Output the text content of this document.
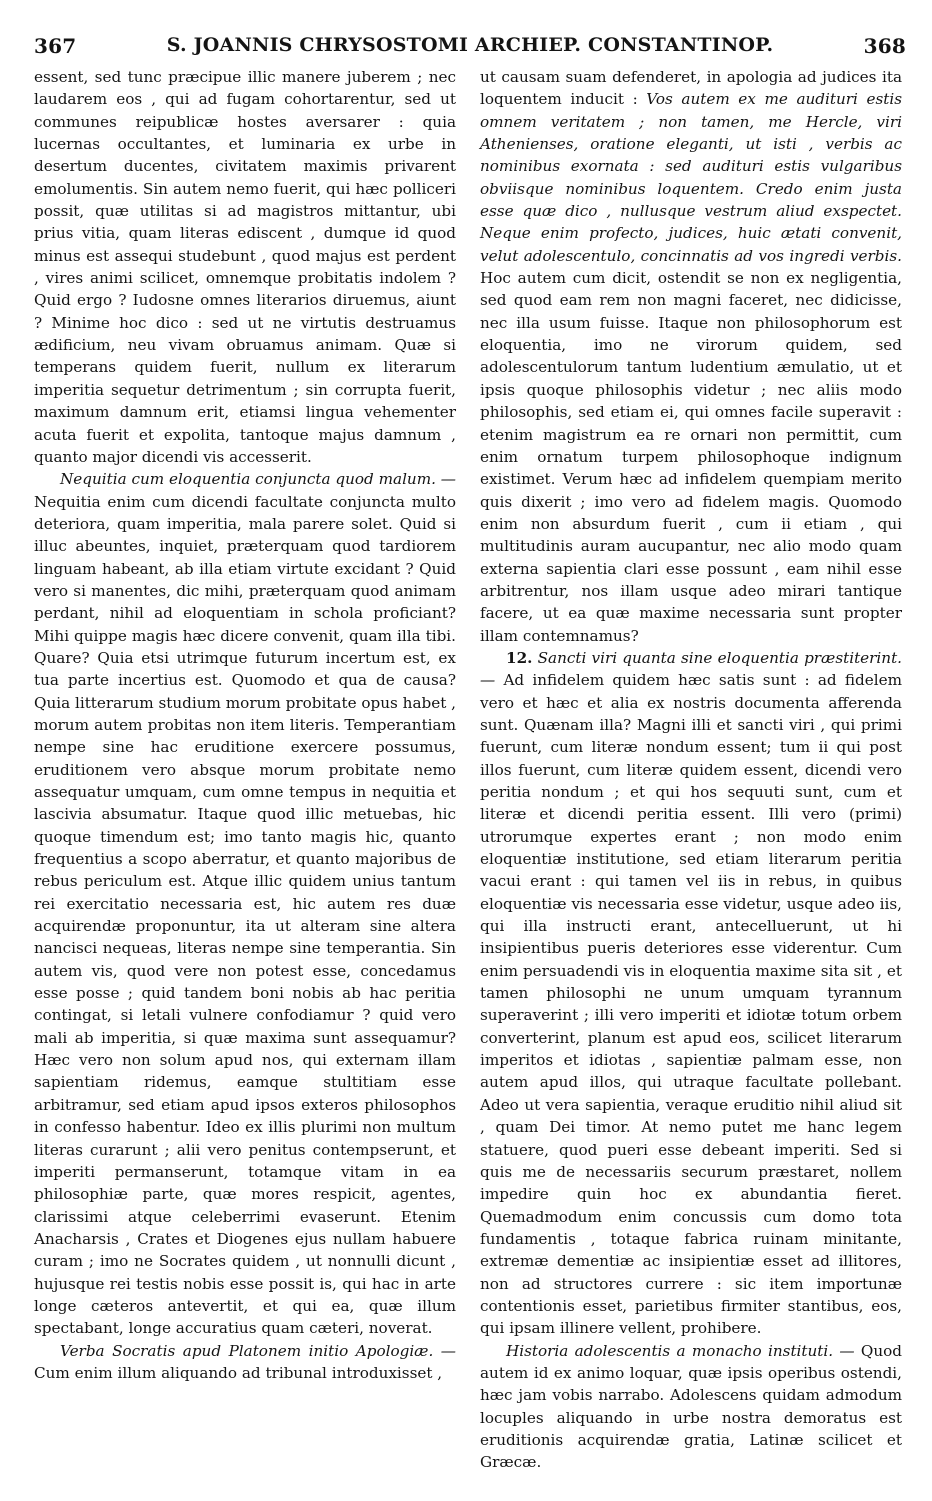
367	S. JOANNIS CHRYSOSTOMI ARCHIEP. CONSTANTINOP.	368

essent, sed tunc præcipue illic manere juberem ; nec laudarem eos , qui ad fugam cohortarentur, sed ut communes reipublicæ hostes aversarer : quia lucernas occultantes, et luminaria ex urbe in desertum ducentes, civitatem maximis privarent emolumentis. Sin autem nemo fuerit, qui hæc polliceri possit, quæ utilitas si ad magistros mittantur, ubi prius vitia, quam literas ediscent , dumque id quod minus est assequi studebunt , quod majus est perdent , vires animi scilicet, omnemque probitatis indolem ? Quid ergo ? Iudosne omnes literarios diruemus, aiunt ? Minime hoc dico : sed ut ne virtutis destruamus ædificium, neu vivam obruamus animam. Quæ si temperans quidem fuerit, nullum ex literarum imperitia sequetur detrimentum ; sin corrupta fuerit, maximum damnum erit, etiamsi lingua vehementer acuta fuerit et expolita, tantoque majus damnum , quanto major dicendi vis accesserit.

Nequitia cum eloquentia conjuncta quod malum. — Nequitia enim cum dicendi facultate conjuncta multo deteriora, quam imperitia, mala parere solet. Quid si illuc abeuntes, inquiet, præterquam quod tardiorem linguam habeant, ab illa etiam virtute excidant ? Quid vero si manentes, dic mihi, præterquam quod animam perdant, nihil ad eloquentiam in schola proficiant? Mihi quippe magis hæc dicere convenit, quam illa tibi. Quare? Quia etsi utrimque futurum incertum est, ex tua parte incertius est. Quomodo et qua de causa? Quia litterarum studium morum probitate opus habet , morum autem probitas non item literis. Temperantiam nempe sine hac eruditione exercere possumus, eruditionem vero absque morum probitate nemo assequatur umquam, cum omne tempus in nequitia et lascivia absumatur. Itaque quod illic metuebas, hic quoque timendum est; imo tanto magis hic, quanto frequentius a scopo aberratur, et quanto majoribus de rebus periculum est. Atque illic quidem unius tantum rei exercitatio necessaria est, hic autem res duæ acquirendæ proponuntur, ita ut alteram sine altera nancisci nequeas, literas nempe sine temperantia. Sin autem vis, quod vere non potest esse, concedamus esse posse ; quid tandem boni nobis ab hac peritia contingat, si letali vulnere confodiamur ? quid vero mali ab imperitia, si quæ maxima sunt assequamur? Hæc vero non solum apud nos, qui externam illam sapientiam ridemus, eamque stultitiam esse arbitramur, sed etiam apud ipsos exteros philosophos in confesso habentur. Ideo ex illis plurimi non multum literas curarunt ; alii vero penitus contempserunt, et imperiti permanserunt, totamque vitam in ea philosophiæ parte, quæ mores respicit, agentes, clarissimi atque celeberrimi evaserunt. Etenim Anacharsis , Crates et Diogenes ejus nullam habuere curam ; imo ne Socrates quidem , ut nonnulli dicunt , hujusque rei testis nobis esse possit is, qui hac in arte longe cæteros antevertit, et qui ea, quæ illum spectabant, longe accuratius quam cæteri, noverat.

Verba Socratis apud Platonem initio Apologiæ. — Cum enim illum aliquando ad tribunal introduxisset ,

ut causam suam defenderet, in apologia ad judices ita loquentem inducit : Vos autem ex me audituri estis omnem veritatem ; non tamen, me Hercle, viri Athenienses, oratione eleganti, ut isti , verbis ac nominibus exornata : sed audituri estis vulgaribus obviisque nominibus loquentem. Credo enim justa esse quæ dico , nullusque vestrum aliud exspectet. Neque enim profecto, judices, huic ætati convenit, velut adolescentulo, concinnatis ad vos ingredi verbis. Hoc autem cum dicit, ostendit se non ex negligentia, sed quod eam rem non magni faceret, nec didicisse, nec illa usum fuisse. Itaque non philosophorum est eloquentia, imo ne virorum quidem, sed adolescentulorum tantum ludentium æmulatio, ut et ipsis quoque philosophis videtur ; nec aliis modo philosophis, sed etiam ei, qui omnes facile superavit : etenim magistrum ea re ornari non permittit, cum enim ornatum turpem philosophoque indignum existimet. Verum hæc ad infidelem quempiam merito quis dixerit ; imo vero ad fidelem magis. Quomodo enim non absurdum fuerit , cum ii etiam , qui multitudinis auram aucupantur, nec alio modo quam externa sapientia clari esse possunt , eam nihil esse arbitrentur, nos illam usque adeo mirari tantique facere, ut ea quæ maxime necessaria sunt propter illam contemnamus?

12. Sancti viri quanta sine eloquentia præstiterint. — Ad infidelem quidem hæc satis sunt : ad fidelem vero et hæc et alia ex nostris documenta afferenda sunt. Quænam illa? Magni illi et sancti viri , qui primi fuerunt, cum literæ nondum essent; tum ii qui post illos fuerunt, cum literæ quidem essent, dicendi vero peritia nondum ; et qui hos sequuti sunt, cum et literæ et dicendi peritia essent. Illi vero (primi) utrorumque expertes erant ; non modo enim eloquentiæ institutione, sed etiam literarum peritia vacui erant : qui tamen vel iis in rebus, in quibus eloquentiæ vis necessaria esse videtur, usque adeo iis, qui illa instructi erant, antecelluerunt, ut hi insipientibus pueris deteriores esse viderentur. Cum enim persuadendi vis in eloquentia maxime sita sit , et tamen philosophi ne unum umquam tyrannum superaverint ; illi vero imperiti et idiotæ totum orbem converterint, planum est apud eos, scilicet literarum imperitos et idiotas , sapientiæ palmam esse, non autem apud illos, qui utraque facultate pollebant. Adeo ut vera sapientia, veraque eruditio nihil aliud sit , quam Dei timor. At nemo putet me hanc legem statuere, quod pueri esse debeant imperiti. Sed si quis me de necessariis securum præstaret, nollem impedire quin hoc ex abundantia fieret. Quemadmodum enim concussis cum domo tota fundamentis , totaque fabrica ruinam minitante, extremæ dementiæ ac insipientiæ esset ad illitores, non ad structores currere : sic item importunæ contentionis esset, parietibus firmiter stantibus, eos, qui ipsam illinere vellent, prohibere.

Historia adolescentis a monacho instituti. — Quod autem id ex animo loquar, quæ ipsis operibus ostendi, hæc jam vobis narrabo. Adolescens quidam admodum locuples aliquando in urbe nostra demoratus est eruditionis acquirendæ gratia, Latinæ scilicet et Græcæ.
